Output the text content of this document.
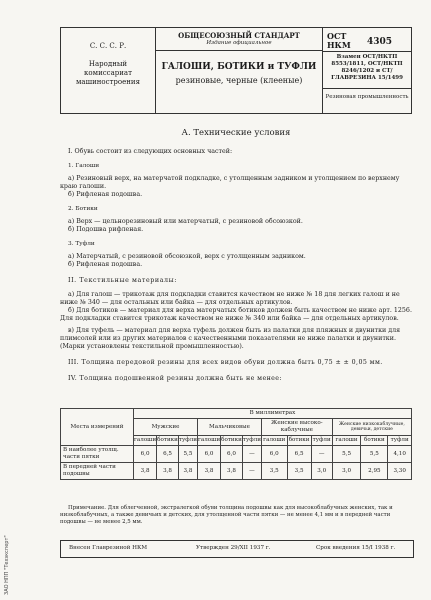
С. С. С. Р.
Народный комиссариат машиностроения
ОБЩЕСОЮЗНЫЙ СТАНДАРТ
Издание официальное
ГАЛОШИ, БОТИКИ и ТУФЛИ
резиновые, черные (клееные)
ОСТ НКМ	4305
Взамен ОСТ/НКТП 8553/1811, ОСТ/НКТП 8246/1202 и СТ/ГЛАВРЕЗИНА 15/1499
Резиновая промышленность
А. Технические условия

I. Обувь состоит из следующих основных частей:

1. Галоши

а) Резиновый верх, на матерчатой подкладке, с утолщенным задником и утолщением по верхнему краю галоши.

б) Рифленая подошва.

2. Ботики

а) Верх — цельнорезиновый или матерчатый, с резиновой обсоюзкой.

б) Подошва рифленая.

3. Туфли

а) Матерчатый, с резиновой обсоюзкой, верх с утолщенным задником.

б) Рифленая подошва.

II. Текстильные материалы:

а) Для галош — трикотаж для подкладки ставится качеством не ниже № 18 для легких галош и не ниже № 340 — для остальных или байка — для отдельных артикулов.

б) Для ботиков — материал для верха матерчатых ботиков должен быть качеством не ниже арт. 1256. Для подкладки ставится трикотаж качеством не ниже № 340 или байка — для отдельных артикулов.

в) Для туфель — материал для верха туфель должен быть из палатки для пляжных и двунитки для плимсолей или из других материалов с качественными показателями не ниже палатки и двунитки. (Марки установлены текстильной промышленностью).

III. Толщина передовой резины для всех видов обуви должна быть 0,75 ± ± 0,05 мм.

IV. Толщина подошвенной резины должна быть не менее:

Места измерений	В миллиметрах											
	Мужские			Мальчиковые			Женские высоко-каблучные			Женские низкокаблучные, девичьи, детские		
	галоши	ботики	туфли	галоши	ботики	туфли	галоши	ботики	туфли	галоши	ботики	туфли
В наиболее утолщ. части пятки	6,0	6,5	5,5	6,0	6,0	—	6,0	6,5	—	5,5	5,5	4,10
В передней части подошвы	3,8	3,8	3,8	3,8	3,8	—	3,5	3,5	3,0	3,0	2,95	3,30

Примечание. Для облегченной, экстралегкой обуви толщина подошвы как для высокоблабучных женских, так и низкоблабучных, а также девичьих и детских, для утолщенной части пятки — не менее 4,1 мм и в передней части подошвы — не менее 2,5 мм.

Внесен Главрезиной НКМ	Утвержден 29/XII 1937 г.	Срок введения 15/I 1938 г.
ЗАО НПП "Техэксперт"
